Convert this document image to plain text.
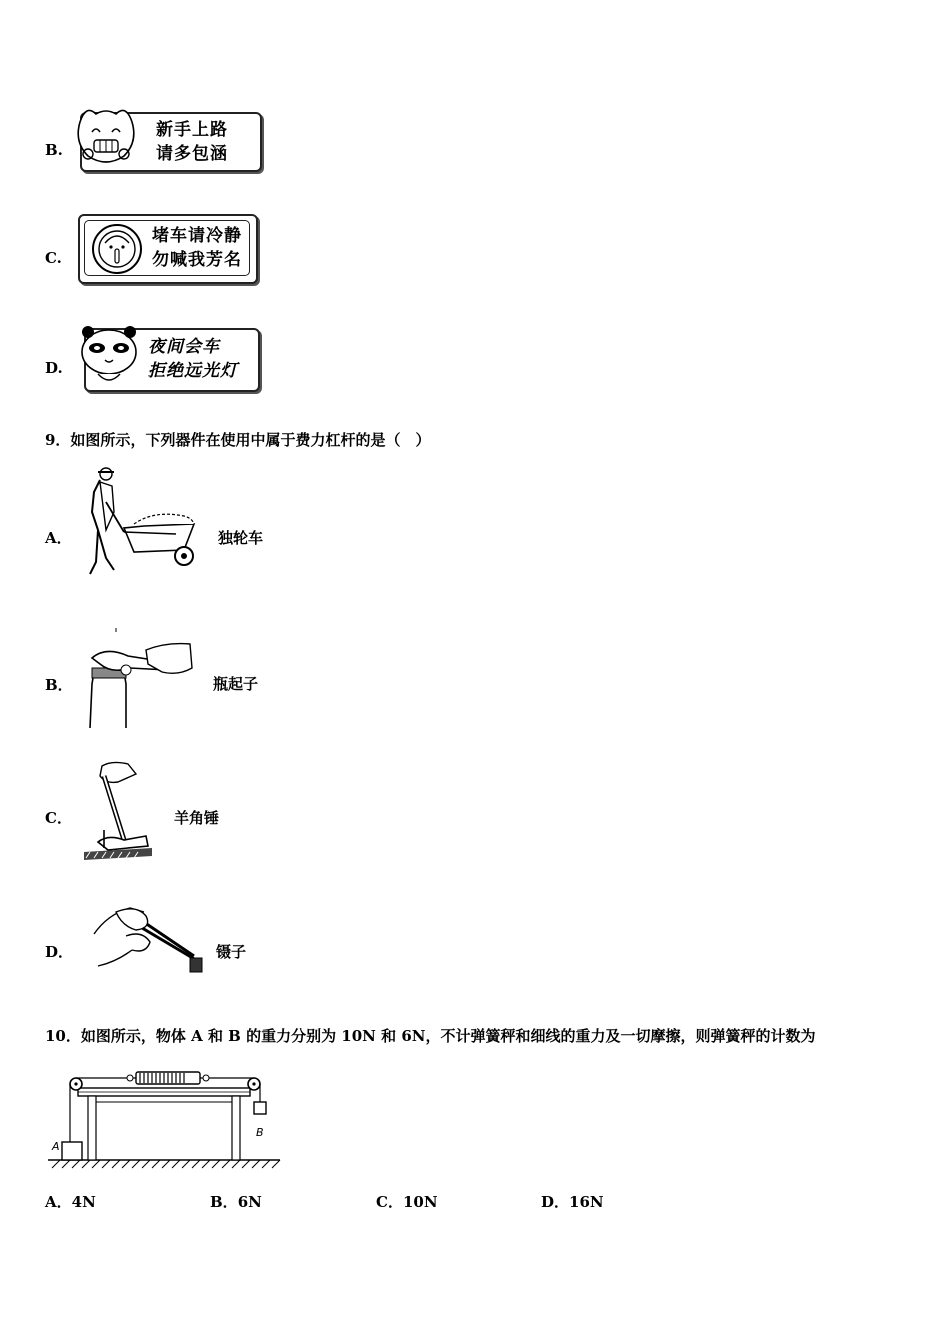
B.
新手上路
请多包涵
C.
堵车请冷静
勿喊我芳名
D.
夜间会车
拒绝远光灯
9．如图所示，下列器件在使用中属于费力杠杆的是（　）
A．	独轮车
B．	瓶起子
C．	羊角锤
D．	镊子
10．如图所示，物体 A 和 B 的重力分别为 10N 和 6N，不计弹簧秤和细线的重力及一切摩擦，则弹簧秤的计数为
A
B
A．4N	B．6N	C．10N	D．16N
